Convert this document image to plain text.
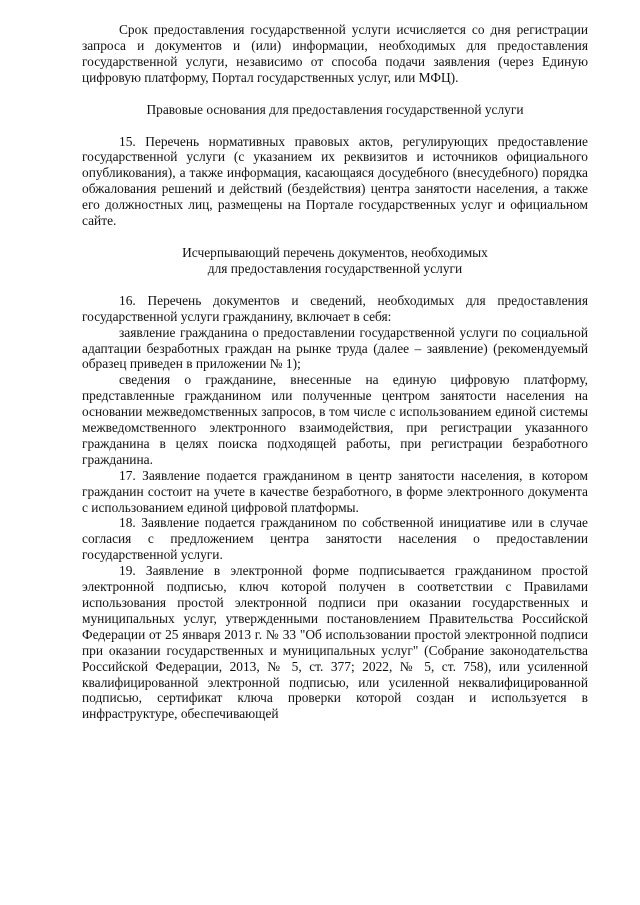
Срок предоставления государственной услуги исчисляется со дня регистрации запроса и документов и (или) информации, необходимых для предоставления государственной услуги, независимо от способа подачи заявления (через Единую цифровую платформу, Портал государственных услуг, или МФЦ).

Правовые основания для предоставления государственной услуги

15. Перечень нормативных правовых актов, регулирующих предоставление государственной услуги (с указанием их реквизитов и источников официального опубликования), а также информация, касающаяся досудебного (внесудебного) порядка обжалования решений и действий (бездействия) центра занятости населения, а также его должностных лиц, размещены на Портале государственных услуг и официальном сайте.

Исчерпывающий перечень документов, необходимых

для предоставления государственной услуги

16. Перечень документов и сведений, необходимых для предоставления государственной услуги гражданину, включает в себя:

заявление гражданина о предоставлении государственной услуги по социальной адаптации безработных граждан на рынке труда (далее – заявление) (рекомендуемый образец приведен в приложении № 1);

сведения о гражданине, внесенные на единую цифровую платформу, представленные гражданином или полученные центром занятости населения на основании межведомственных запросов, в том числе с использованием единой системы межведомственного электронного взаимодействия, при регистрации указанного гражданина в целях поиска подходящей работы, при регистрации безработного гражданина.

17. Заявление подается гражданином в центр занятости населения, в котором гражданин состоит на учете в качестве безработного, в форме электронного документа с использованием единой цифровой платформы.

18. Заявление подается гражданином по собственной инициативе или в случае согласия с предложением центра занятости населения о предоставлении государственной услуги.

19. Заявление в электронной форме подписывается гражданином простой электронной подписью, ключ которой получен в соответствии с Правилами использования простой электронной подписи при оказании государственных и муниципальных услуг, утвержденными постановлением Правительства Российской Федерации от 25 января 2013 г. № 33 "Об использовании простой электронной подписи при оказании государственных и муниципальных услуг" (Собрание законодательства Российской Федерации, 2013, № 5, ст. 377; 2022, № 5, ст. 758), или усиленной квалифицированной электронной подписью, или усиленной неквалифицированной подписью, сертификат ключа проверки которой создан и используется в инфраструктуре, обеспечивающей
